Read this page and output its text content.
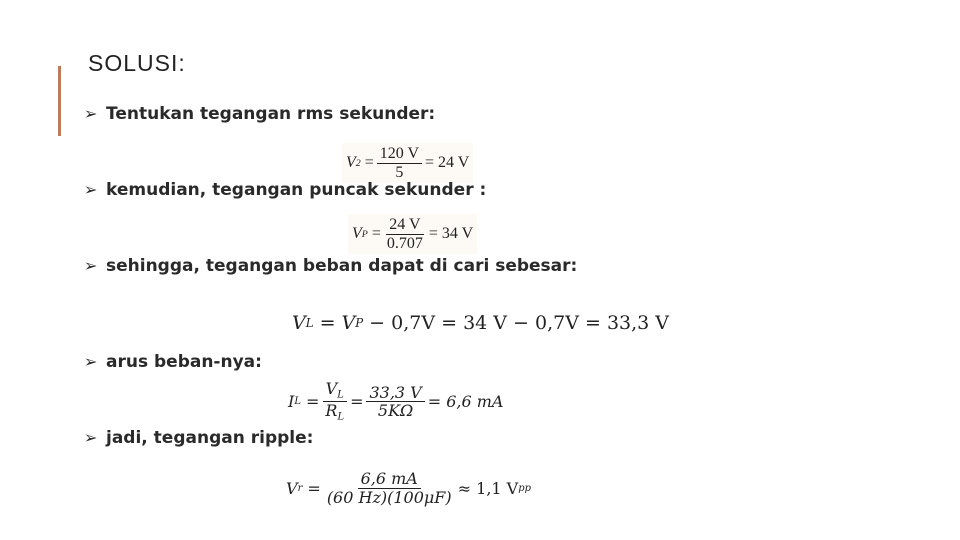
SOLUSI:
➢ Tentukan tegangan rms sekunder:
V $2 = \frac{120 V}{5} = 24$ V
➢ kemudian, tegangan puncak sekunder :
V $P = \frac{24 V}{0.707} = 34$ V
➢ sehingga, tegangan beban dapat di cari sebesar:
V L = V P − 0,7V = 34 V − 0,7V = 33,3 V
➢ arus beban-nya:
I $L = \frac{V_L}{R_L} = \frac{33,3 V}{5K\Omega} = 6,6$ mA
➢ jadi, tegangan ripple:
V $r = \frac{6,6 mA}{(60 Hz)(100\mu F)} \approx 1,1$ V pp
